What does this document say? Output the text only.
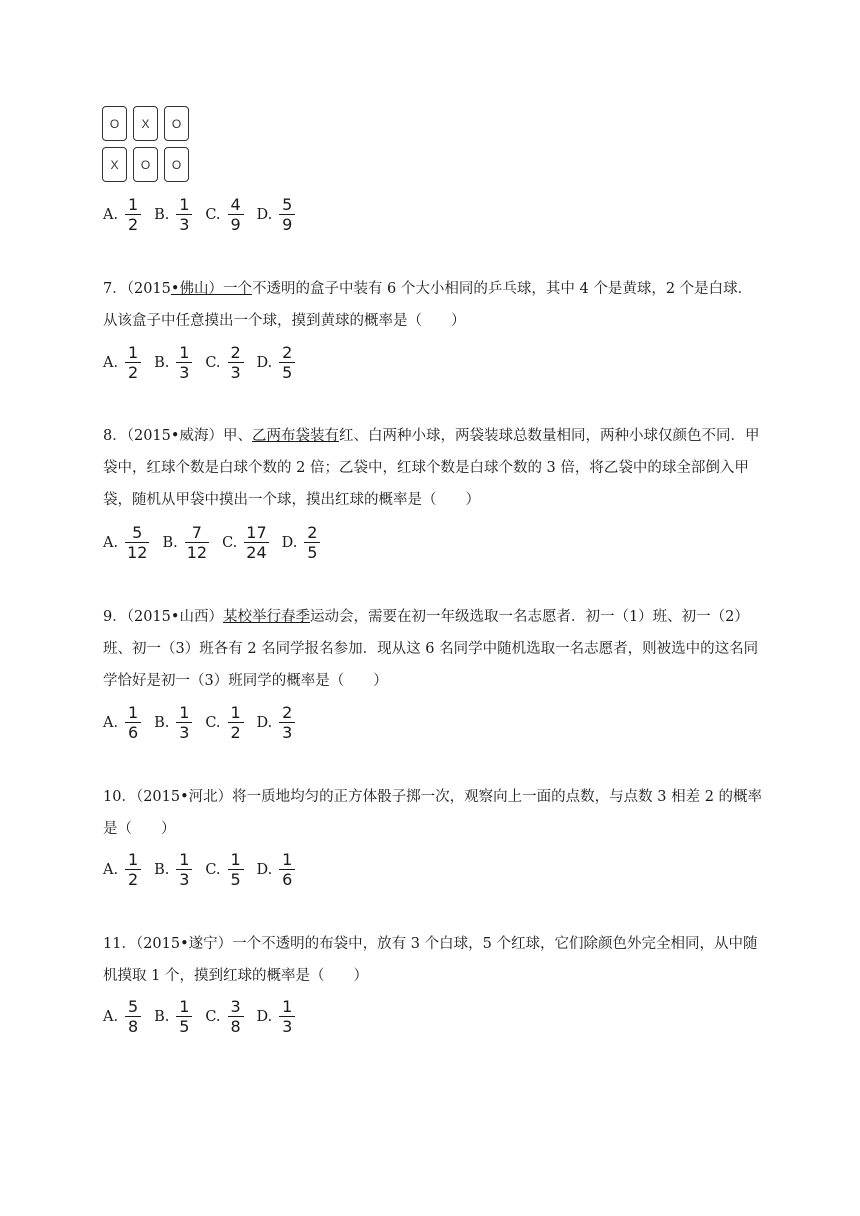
O	X	O
X	O	O
A. $\frac{1}{2} B$. $\frac{1}{3} C$. $\frac{4}{9} D$. $\frac{5}{9}$

7．（2015•佛山）一个不透明的盒子中装有 6 个大小相同的乒乓球，其中 4 个是黄球，2 个是白球．从该盒子中任意摸出一个球，摸到黄球的概率是（　　）

A. $\frac{1}{2} B$. $\frac{1}{3} C$. $\frac{2}{3} D$. $\frac{2}{5}$

8．（2015•威海）甲、乙两布袋装有红、白两种小球，两袋装球总数量相同，两种小球仅颜色不同．甲袋中，红球个数是白球个数的 2 倍；乙袋中，红球个数是白球个数的 3 倍，将乙袋中的球全部倒入甲袋，随机从甲袋中摸出一个球，摸出红球的概率是（　　）

A. $\frac{5}{12} B$. $\frac{7}{12} C$. $\frac{17}{24} D$. $\frac{2}{5}$

9．（2015•山西）某校举行春季运动会，需要在初一年级选取一名志愿者．初一（1）班、初一（2）班、初一（3）班各有 2 名同学报名参加．现从这 6 名同学中随机选取一名志愿者，则被选中的这名同学恰好是初一（3）班同学的概率是（　　）

A. $\frac{1}{6} B$. $\frac{1}{3} C$. $\frac{1}{2} D$. $\frac{2}{3}$

10．（2015•河北）将一质地均匀的正方体骰子掷一次，观察向上一面的点数，与点数 3 相差 2 的概率是（　　）

A. $\frac{1}{2} B$. $\frac{1}{3} C$. $\frac{1}{5} D$. $\frac{1}{6}$

11．（2015•遂宁）一个不透明的布袋中，放有 3 个白球，5 个红球，它们除颜色外完全相同，从中随机摸取 1 个，摸到红球的概率是（　　）

A. $\frac{5}{8} B$. $\frac{1}{5} C$. $\frac{3}{8} D$. $\frac{1}{3}$
